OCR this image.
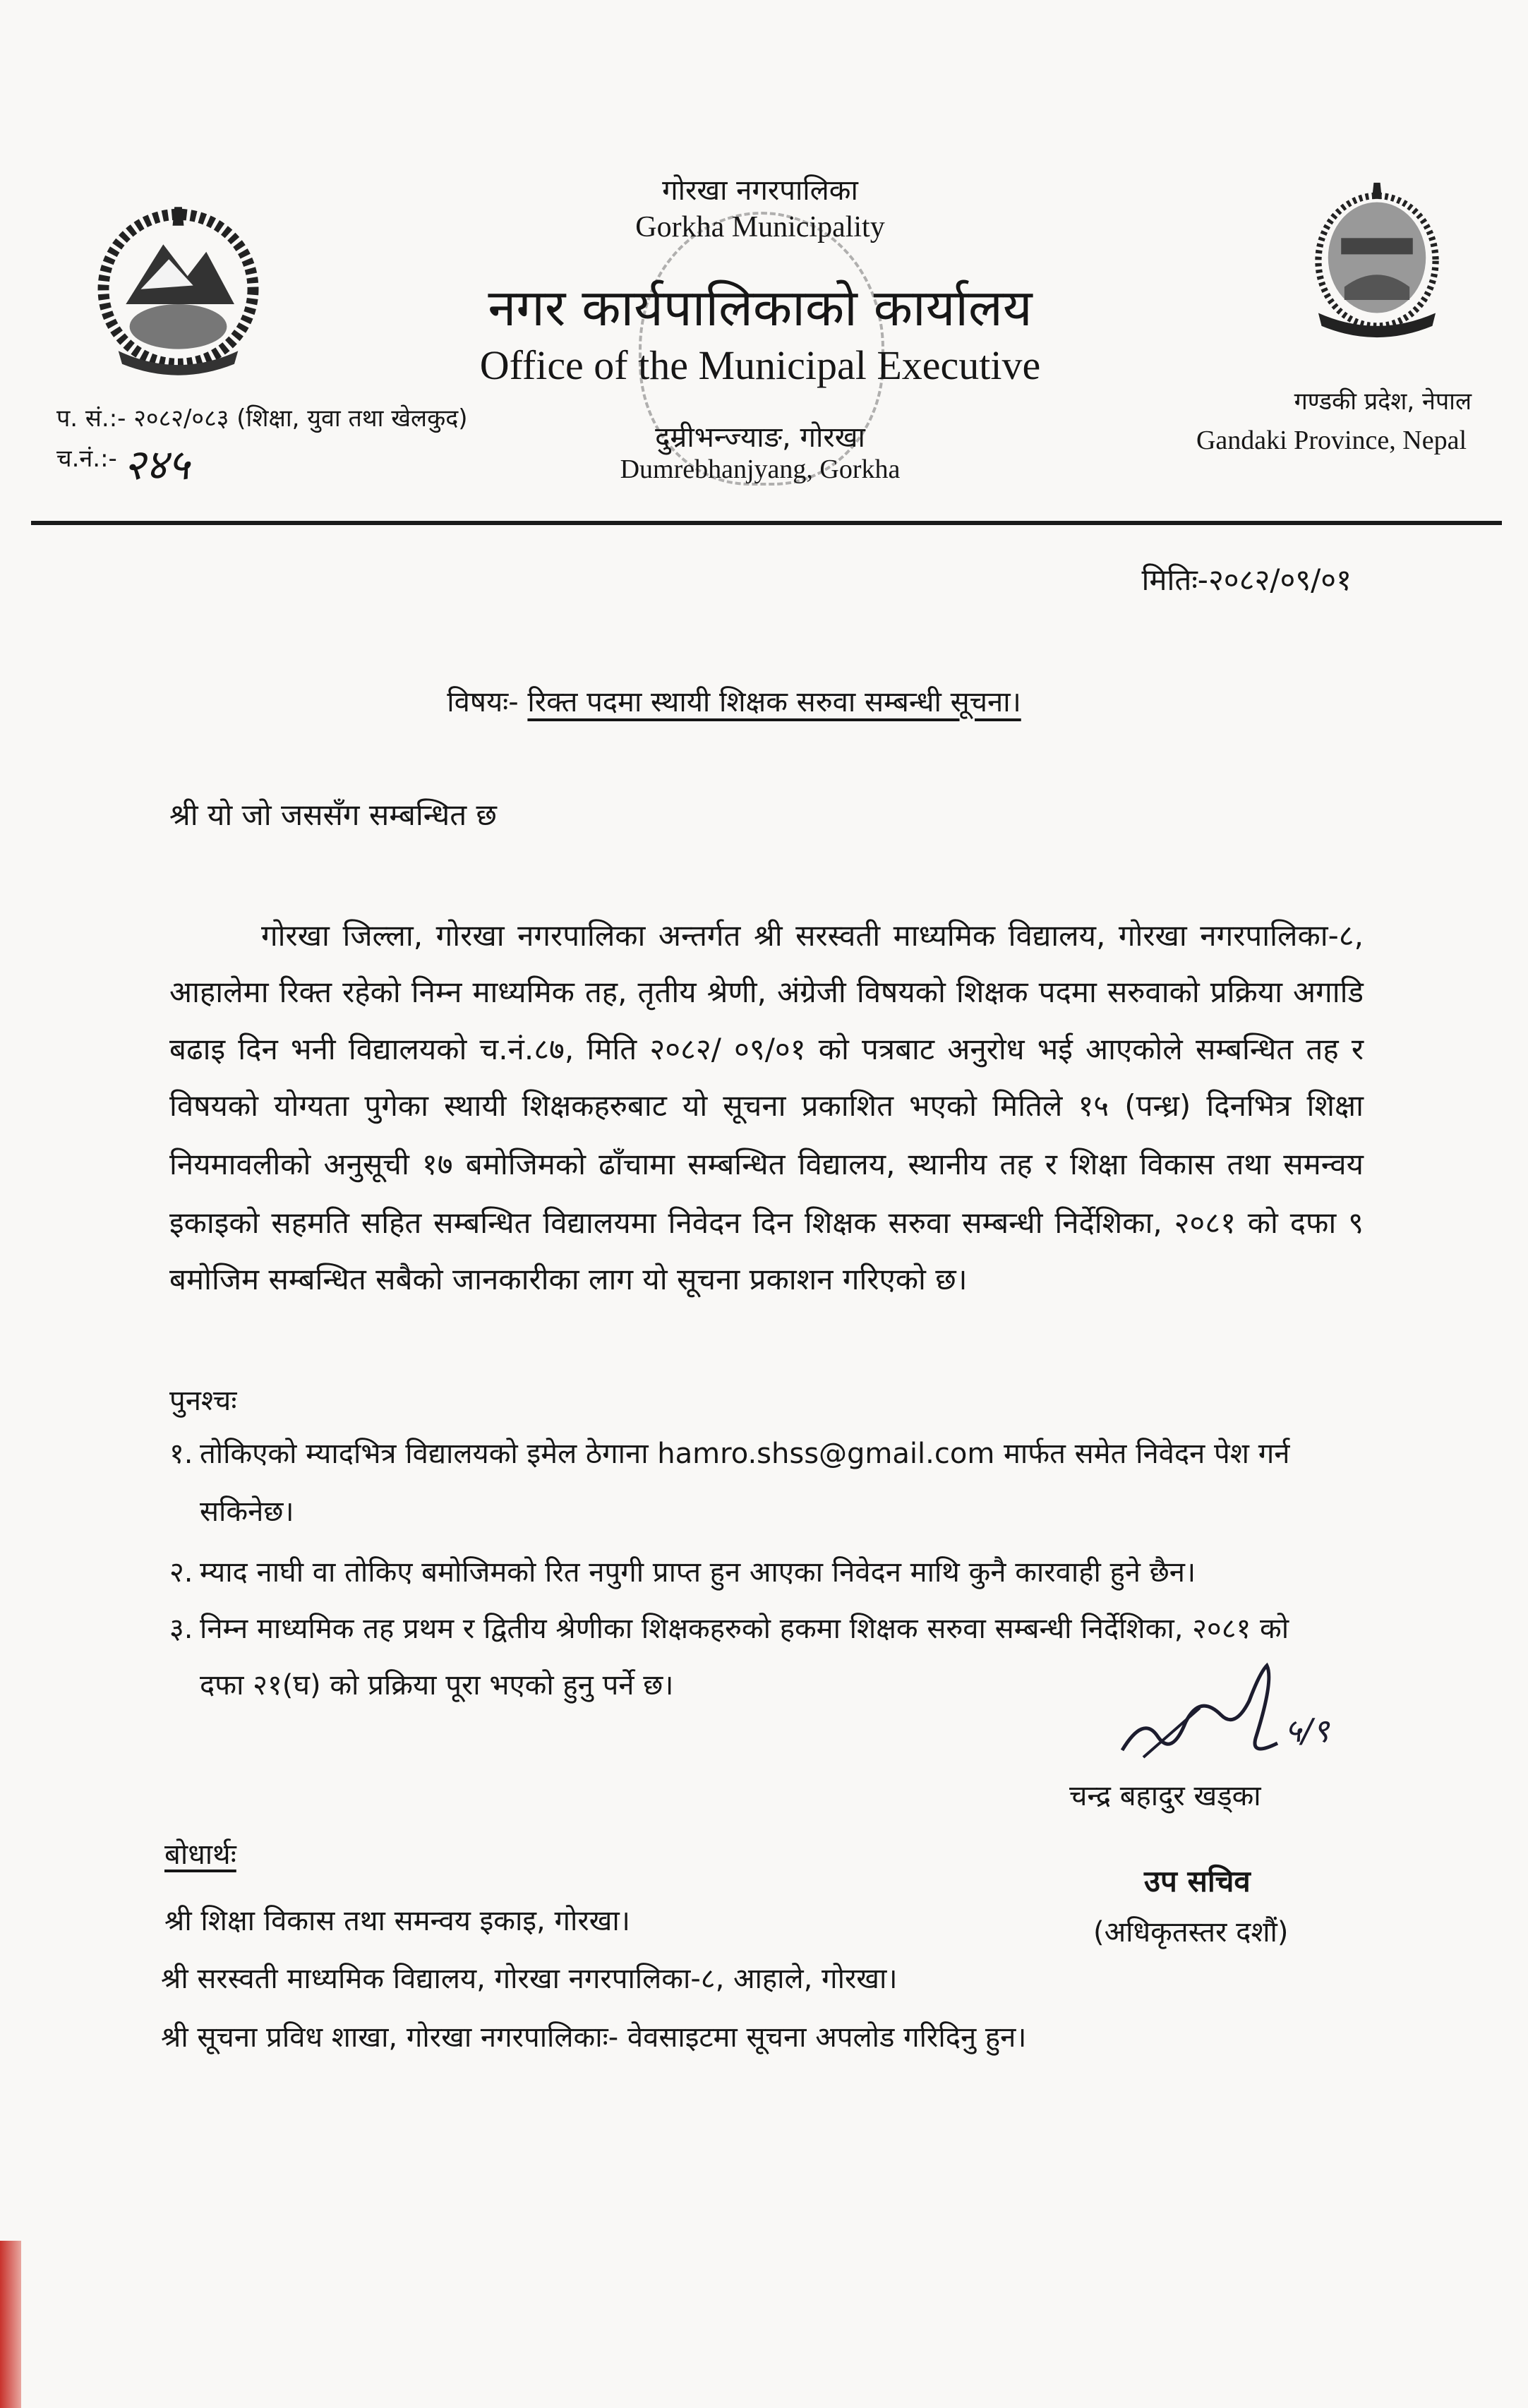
गोरखा नगरपालिका
Gorkha Municipality
नगर कार्यपालिकाको कार्यालय
Office of the Municipal Executive
दुम्रीभन्ज्याङ, गोरखा
Dumrebhanjyang, Gorkha
प. सं.:- २०८२/०८३ (शिक्षा, युवा तथा खेलकुद)
च.नं.:- २४५
गण्डकी प्रदेश, नेपाल
Gandaki Province, Nepal
मितिः-२०८२/०९/०१
विषयः- रिक्त पदमा स्थायी शिक्षक सरुवा सम्बन्धी सूचना।
श्री यो जो जससँग सम्बन्धित छ
गोरखा जिल्ला, गोरखा नगरपालिका अन्तर्गत श्री सरस्वती माध्यमिक विद्यालय, गोरखा नगरपालिका-८,
आहालेमा रिक्त रहेको निम्न माध्यमिक तह, तृतीय श्रेणी, अंग्रेजी विषयको शिक्षक पदमा सरुवाको प्रक्रिया अगाडि
बढाइ दिन भनी विद्यालयको च.नं.८७, मिति २०८२/ ०९/०१ को पत्रबाट अनुरोध भई आएकोले सम्बन्धित तह र
विषयको योग्यता पुगेका स्थायी शिक्षकहरुबाट यो सूचना प्रकाशित भएको मितिले १५ (पन्ध्र) दिनभित्र शिक्षा
नियमावलीको अनुसूची १७ बमोजिमको ढाँचामा सम्बन्धित विद्यालय, स्थानीय तह र शिक्षा विकास तथा समन्वय
इकाइको सहमति सहित सम्बन्धित विद्यालयमा निवेदन दिन शिक्षक सरुवा सम्बन्धी निर्देशिका, २०८१ को दफा ९
बमोजिम सम्बन्धित सबैको जानकारीका लाग यो सूचना प्रकाशन गरिएको छ।
पुनश्चः
१. तोकिएको म्यादभित्र विद्यालयको इमेल ठेगाना hamro.shss@gmail.com मार्फत समेत निवेदन पेश गर्न
सकिनेछ।
२. म्याद नाघी वा तोकिए बमोजिमको रित नपुगी प्राप्त हुन आएका निवेदन माथि कुनै कारवाही हुने छैन।
३. निम्न माध्यमिक तह प्रथम र द्वितीय श्रेणीका शिक्षकहरुको हकमा शिक्षक सरुवा सम्बन्धी निर्देशिका, २०८१ को
दफा २१(घ) को प्रक्रिया पूरा भएको हुनु पर्ने छ।
५/९
चन्द्र बहादुर खड्का
उप सचिव
(अधिकृतस्तर दशौं)
बोधार्थः
श्री शिक्षा विकास तथा समन्वय इकाइ, गोरखा।
श्री सरस्वती माध्यमिक विद्यालय, गोरखा नगरपालिका-८, आहाले, गोरखा।
श्री सूचना प्रविध शाखा, गोरखा नगरपालिकाः- वेवसाइटमा सूचना अपलोड गरिदिनु हुन।
